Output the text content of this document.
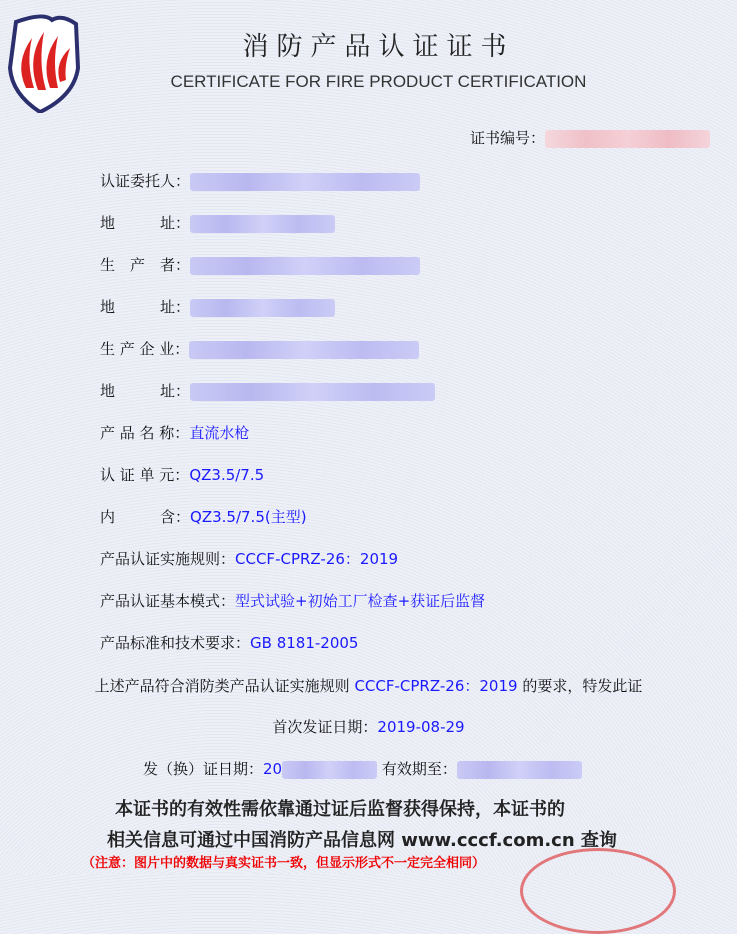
消防产品认证证书
CERTIFICATE FOR FIRE PRODUCT CERTIFICATION
证书编号：
认证委托人：
地　　　址：
生　产　者：
地　　　址：
生 产 企 业：
地　　　址：
产 品 名 称：直流水枪
认 证 单 元：QZ3.5/7.5
内　　　含：QZ3.5/7.5(主型)
产品认证实施规则：CCCF-CPRZ-26：2019
产品认证基本模式：型式试验+初始工厂检查+获证后监督
产品标准和技术要求：GB 8181-2005
上述产品符合消防类产品认证实施规则 CCCF-CPRZ-26：2019 的要求，特发此证
首次发证日期：2019-08-29
发（换）证日期：20	有效期至：
本证书的有效性需依靠通过证后监督获得保持，本证书的
相关信息可通过中国消防产品信息网 www.cccf.com.cn 查询
（注意：图片中的数据与真实证书一致，但显示形式不一定完全相同）
